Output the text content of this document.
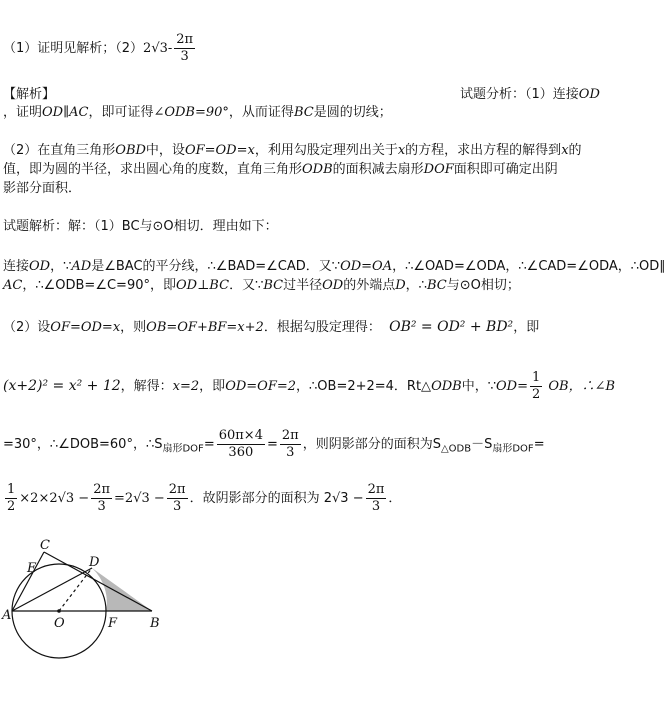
（1）证明见解析；$(2)2√3- \frac{2\pi}{3}$
【解析】	试题分析：（1）连接OD
，证明OD∥AC，即可证得∠ODB=90°，从而证得BC是圆的切线；
（2）在直角三角形OBD中，设OF=OD=x，利用勾股定理列出关于x的方程，求出方程的解得到x的
值，即为圆的半径，求出圆心角的度数，直角三角形ODB的面积减去扇形DOF面积即可确定出阴
影部分面积．
试题解析：解：（1）BC与⊙O相切．理由如下：
连接OD，∵AD是∠BAC的平分线，∴∠BAD=∠CAD．又∵OD=OA，∴∠OAD=∠ODA，∴∠CAD=∠ODA，∴OD∥
AC，∴∠ODB=∠C=90°，即OD⊥BC．又∵BC过半径OD的外端点D，∴BC与⊙O相切；
（2）设OF=OD=x，则OB=OF+BF=x+2．根据勾股定理得： OB² = OD² + BD²，即
(x+2)² = x² + 12，解得：x=2，即OD=OF=2，∴OB=2+2=4．Rt△ODB中，∵OD= $\frac{1}{2}$ OB，∴∠B
=30°，∴∠DOB=60°，$\therefore S_{扇形DOF}= \frac{60\pi\times 4}{360} = \frac{2\pi}{3}$ ，则阴影部分的面积为$S_{\triangle ODB}-S_{扇形DOF}=$
$\frac{1}{2} \times 2\times 2√3 - \frac{2\pi}{3} =2√3 - \frac{2\pi}{3}$ ．故阴影部分的面积为 $2√3 - \frac{2\pi}{3}$ ．
C
E	D
A
O	F	B
